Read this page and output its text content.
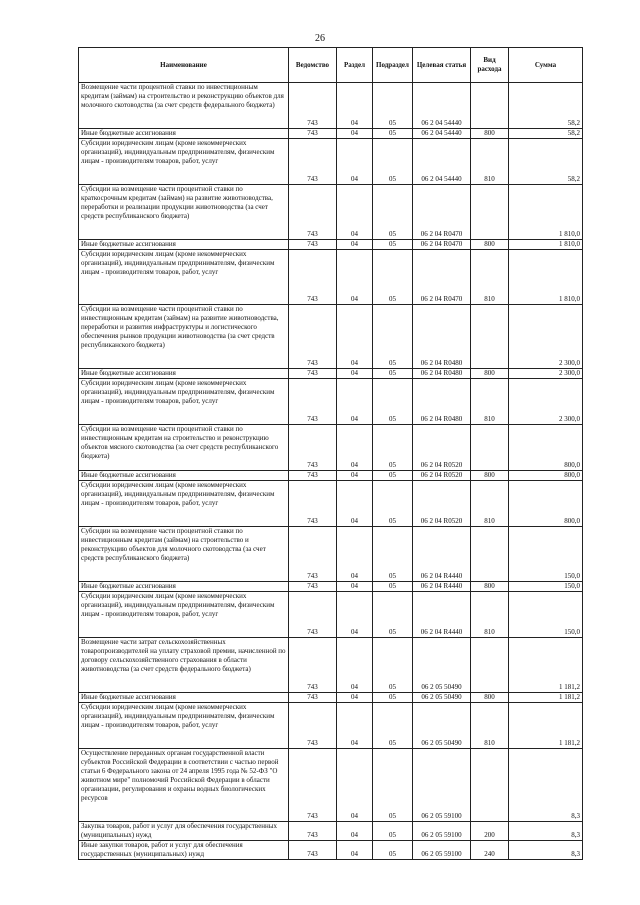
26
Наименование	Ведомство	Раздел	Подраздел	Целевая статья	Вид расхода	Сумма
Возмещение части процентной ставки по инвестиционным кредитам (займам) на строительство и реконструкцию объектов для молочного скотоводства (за счет средств федерального бюджета)	743	04	05	06 2 04 54440		58,2
Иные бюджетные ассигнования	743	04	05	06 2 04 54440	800	58,2
Субсидии юридическим лицам (кроме некоммерческих организаций), индивидуальным предпринимателям, физическим лицам - производителям товаров, работ, услуг	743	04	05	06 2 04 54440	810	58,2
Субсидии на возмещение части процентной ставки по краткосрочным кредитам (займам) на развитие животноводства, переработки и реализации продукции животноводства (за счет средств республиканского бюджета)	743	04	05	06 2 04 R0470		1 810,0
Иные бюджетные ассигнования	743	04	05	06 2 04 R0470	800	1 810,0
Субсидии юридическим лицам (кроме некоммерческих организаций), индивидуальным предпринимателям, физическим лицам - производителям товаров, работ, услуг	743	04	05	06 2 04 R0470	810	1 810,0
Субсидии на возмещение части процентной ставки по инвестиционным кредитам (займам) на развитие животноводства, переработки и развития инфраструктуры и логистического обеспечения рынков продукции животноводства (за счет средств республиканского бюджета)	743	04	05	06 2 04 R0480		2 300,0
Иные бюджетные ассигнования	743	04	05	06 2 04 R0480	800	2 300,0
Субсидии юридическим лицам (кроме некоммерческих организаций), индивидуальным предпринимателям, физическим лицам - производителям товаров, работ, услуг	743	04	05	06 2 04 R0480	810	2 300,0
Субсидии на возмещение части процентной ставки по инвестиционным кредитам на строительство и реконструкцию объектов мясного скотоводства (за счет средств республиканского бюджета)	743	04	05	06 2 04 R0520		800,0
Иные бюджетные ассигнования	743	04	05	06 2 04 R0520	800	800,0
Субсидии юридическим лицам (кроме некоммерческих организаций), индивидуальным предпринимателям, физическим лицам - производителям товаров, работ, услуг	743	04	05	06 2 04 R0520	810	800,0
Субсидии на возмещение части процентной ставки по инвестиционным кредитам (займам) на строительство и реконструкцию объектов для молочного скотоводства (за счет средств республиканского бюджета)	743	04	05	06 2 04 R4440		150,0
Иные бюджетные ассигнования	743	04	05	06 2 04 R4440	800	150,0
Субсидии юридическим лицам (кроме некоммерческих организаций), индивидуальным предпринимателям, физическим лицам - производителям товаров, работ, услуг	743	04	05	06 2 04 R4440	810	150,0
Возмещение части затрат сельскохозяйственных товаропроизводителей на уплату страховой премии, начисленной по договору сельскохозяйственного страхования в области животноводства (за счет средств федерального бюджета)	743	04	05	06 2 05 50490		1 181,2
Иные бюджетные ассигнования	743	04	05	06 2 05 50490	800	1 181,2
Субсидии юридическим лицам (кроме некоммерческих организаций), индивидуальным предпринимателям, физическим лицам - производителям товаров, работ, услуг	743	04	05	06 2 05 50490	810	1 181,2
Осуществление переданных органам государственной власти субъектов Российской Федерации в соответствии с частью первой статьи 6 Федерального закона от 24 апреля 1995 года № 52-ФЗ "О животном мире" полномочий Российской Федерации в области организации, регулирования и охраны водных биологических ресурсов	743	04	05	06 2 05 59100		8,3
Закупка товаров, работ и услуг для обеспечения государственных (муниципальных) нужд	743	04	05	06 2 05 59100	200	8,3
Иные закупки товаров, работ и услуг для обеспечения государственных (муниципальных) нужд	743	04	05	06 2 05 59100	240	8,3
